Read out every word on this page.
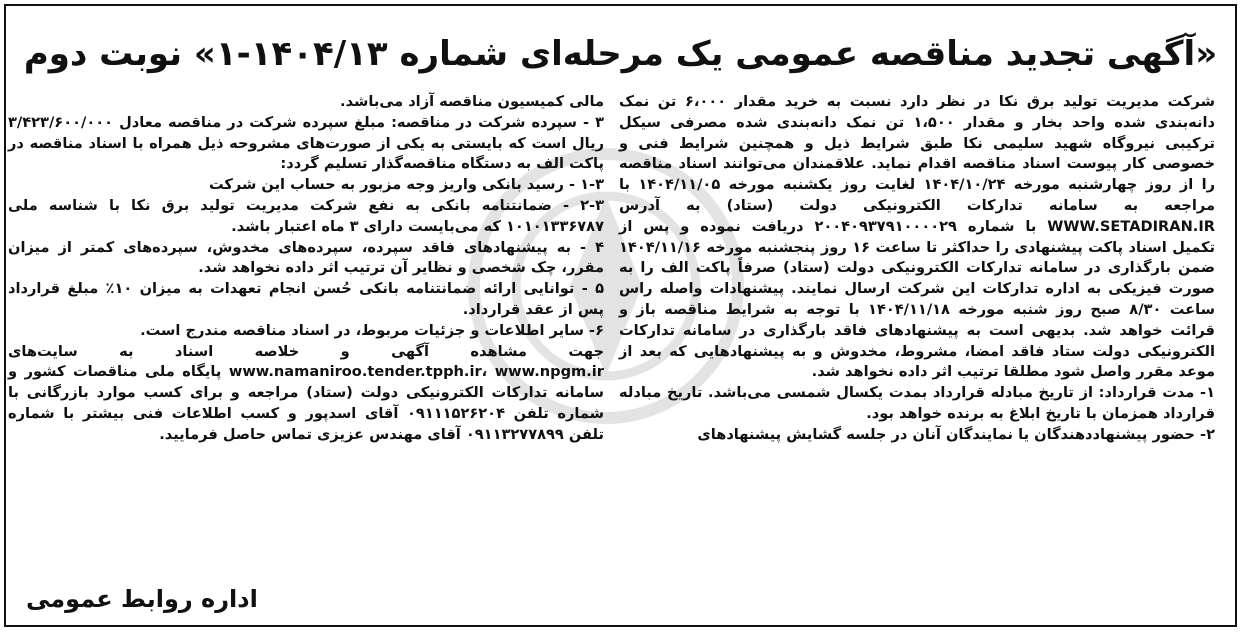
«آگهی تجدید مناقصه عمومی یک مرحله‌ای شماره ۱۴۰۴/۱۳-۱» نوبت دوم

شرکت مدیریت تولید برق نکا در نظر دارد نسبت به خرید مقدار ۶،۰۰۰ تن نمک دانه‌بندی شده واحد بخار و مقدار ۱،۵۰۰ تن نمک دانه‌بندی شده مصرفی سیکل ترکیبی نیروگاه شهید سلیمی نکا طبق شرایط ذیل و همچنین شرایط فنی و خصوصی کار پیوست اسناد مناقصه اقدام نماید. علاقمندان می‌توانند اسناد مناقصه را از روز چهارشنبه مورخه ۱۴۰۴/۱۰/۲۴ لغایت روز یکشنبه مورخه ۱۴۰۴/۱۱/۰۵ با مراجعه به سامانه تدارکات الکترونیکی دولت (ستاد) به آدرس WWW.SETADIRAN.IR با شماره ۲۰۰۴۰۹۳۷۹۱۰۰۰۰۲۹ دریافت نموده و پس از تکمیل اسناد پاکت پیشنهادی را حداکثر تا ساعت ۱۶ روز پنجشنبه مورخه ۱۴۰۴/۱۱/۱۶ ضمن بارگذاری در سامانه تدارکات الکترونیکی دولت (ستاد) صرفاً پاکت الف را به صورت فیزیکی به اداره تدارکات این شرکت ارسال نمایند. پیشنهادات واصله راس ساعت ۸/۳۰ صبح روز شنبه مورخه ۱۴۰۴/۱۱/۱۸ با توجه به شرایط مناقصه باز و قرائت خواهد شد. بدیهی است به پیشنهادهای فاقد بارگذاری در سامانه تدارکات الکترونیکی دولت ستاد فاقد امضا، مشروط، مخدوش و به پیشنهادهایی که بعد از موعد مقرر واصل شود مطلقا ترتیب اثر داده نخواهد شد.

۱- مدت قرارداد: از تاریخ مبادله قرارداد بمدت یکسال شمسی می‌باشد. تاریخ مبادله قرارداد همزمان با تاریخ ابلاغ به برنده خواهد بود.

۲- حضور پیشنهاددهندگان یا نمایندگان آنان در جلسه گشایش پیشنهادهای

مالی کمیسیون مناقصه آزاد می‌باشد.

۳ - سپرده شرکت در مناقصه: مبلغ سپرده شرکت در مناقصه معادل ۳/۴۲۳/۶۰۰/۰۰۰ ریال است که بایستی به یکی از صورت‌های مشروحه ذیل همراه با اسناد مناقصه در پاکت الف به دستگاه مناقصه‌گذار تسلیم گردد:

۱-۳ - رسید بانکی واریز وجه مزبور به حساب این شرکت

۲-۳ - ضمانتنامه بانکی به نفع شرکت مدیریت تولید برق نکا با شناسه ملی ۱۰۱۰۱۳۳۶۷۸۷ که می‌بایست دارای ۳ ماه اعتبار باشد.

۴ - به پیشنهادهای فاقد سپرده، سپرده‌های مخدوش، سپرده‌های کمتر از میزان مقرر، چک شخصی و نظایر آن ترتیب اثر داده نخواهد شد.

۵ - توانایی ارائه ضمانتنامه بانکی حُسن انجام تعهدات به میزان ۱۰٪ مبلغ قرارداد پس از عقد قرارداد.

۶- سایر اطلاعات و جزئیات مربوط، در اسناد مناقصه مندرج است.

جهت مشاهده آگهی و خلاصه اسناد به سایت‌های www.namaniroo.tender.tpph.ir، www.npgm.ir پایگاه ملی مناقصات کشور و سامانه تدارکات الکترونیکی دولت (ستاد) مراجعه و برای کسب موارد بازرگانی با شماره تلفن ۰۹۱۱۱۵۲۶۲۰۴ آقای اسدپور و کسب اطلاعات فنی بیشتر با شماره تلفن ۰۹۱۱۳۲۷۷۸۹۹ آقای مهندس عزیزی تماس حاصل فرمایید.

اداره روابط عمومی
